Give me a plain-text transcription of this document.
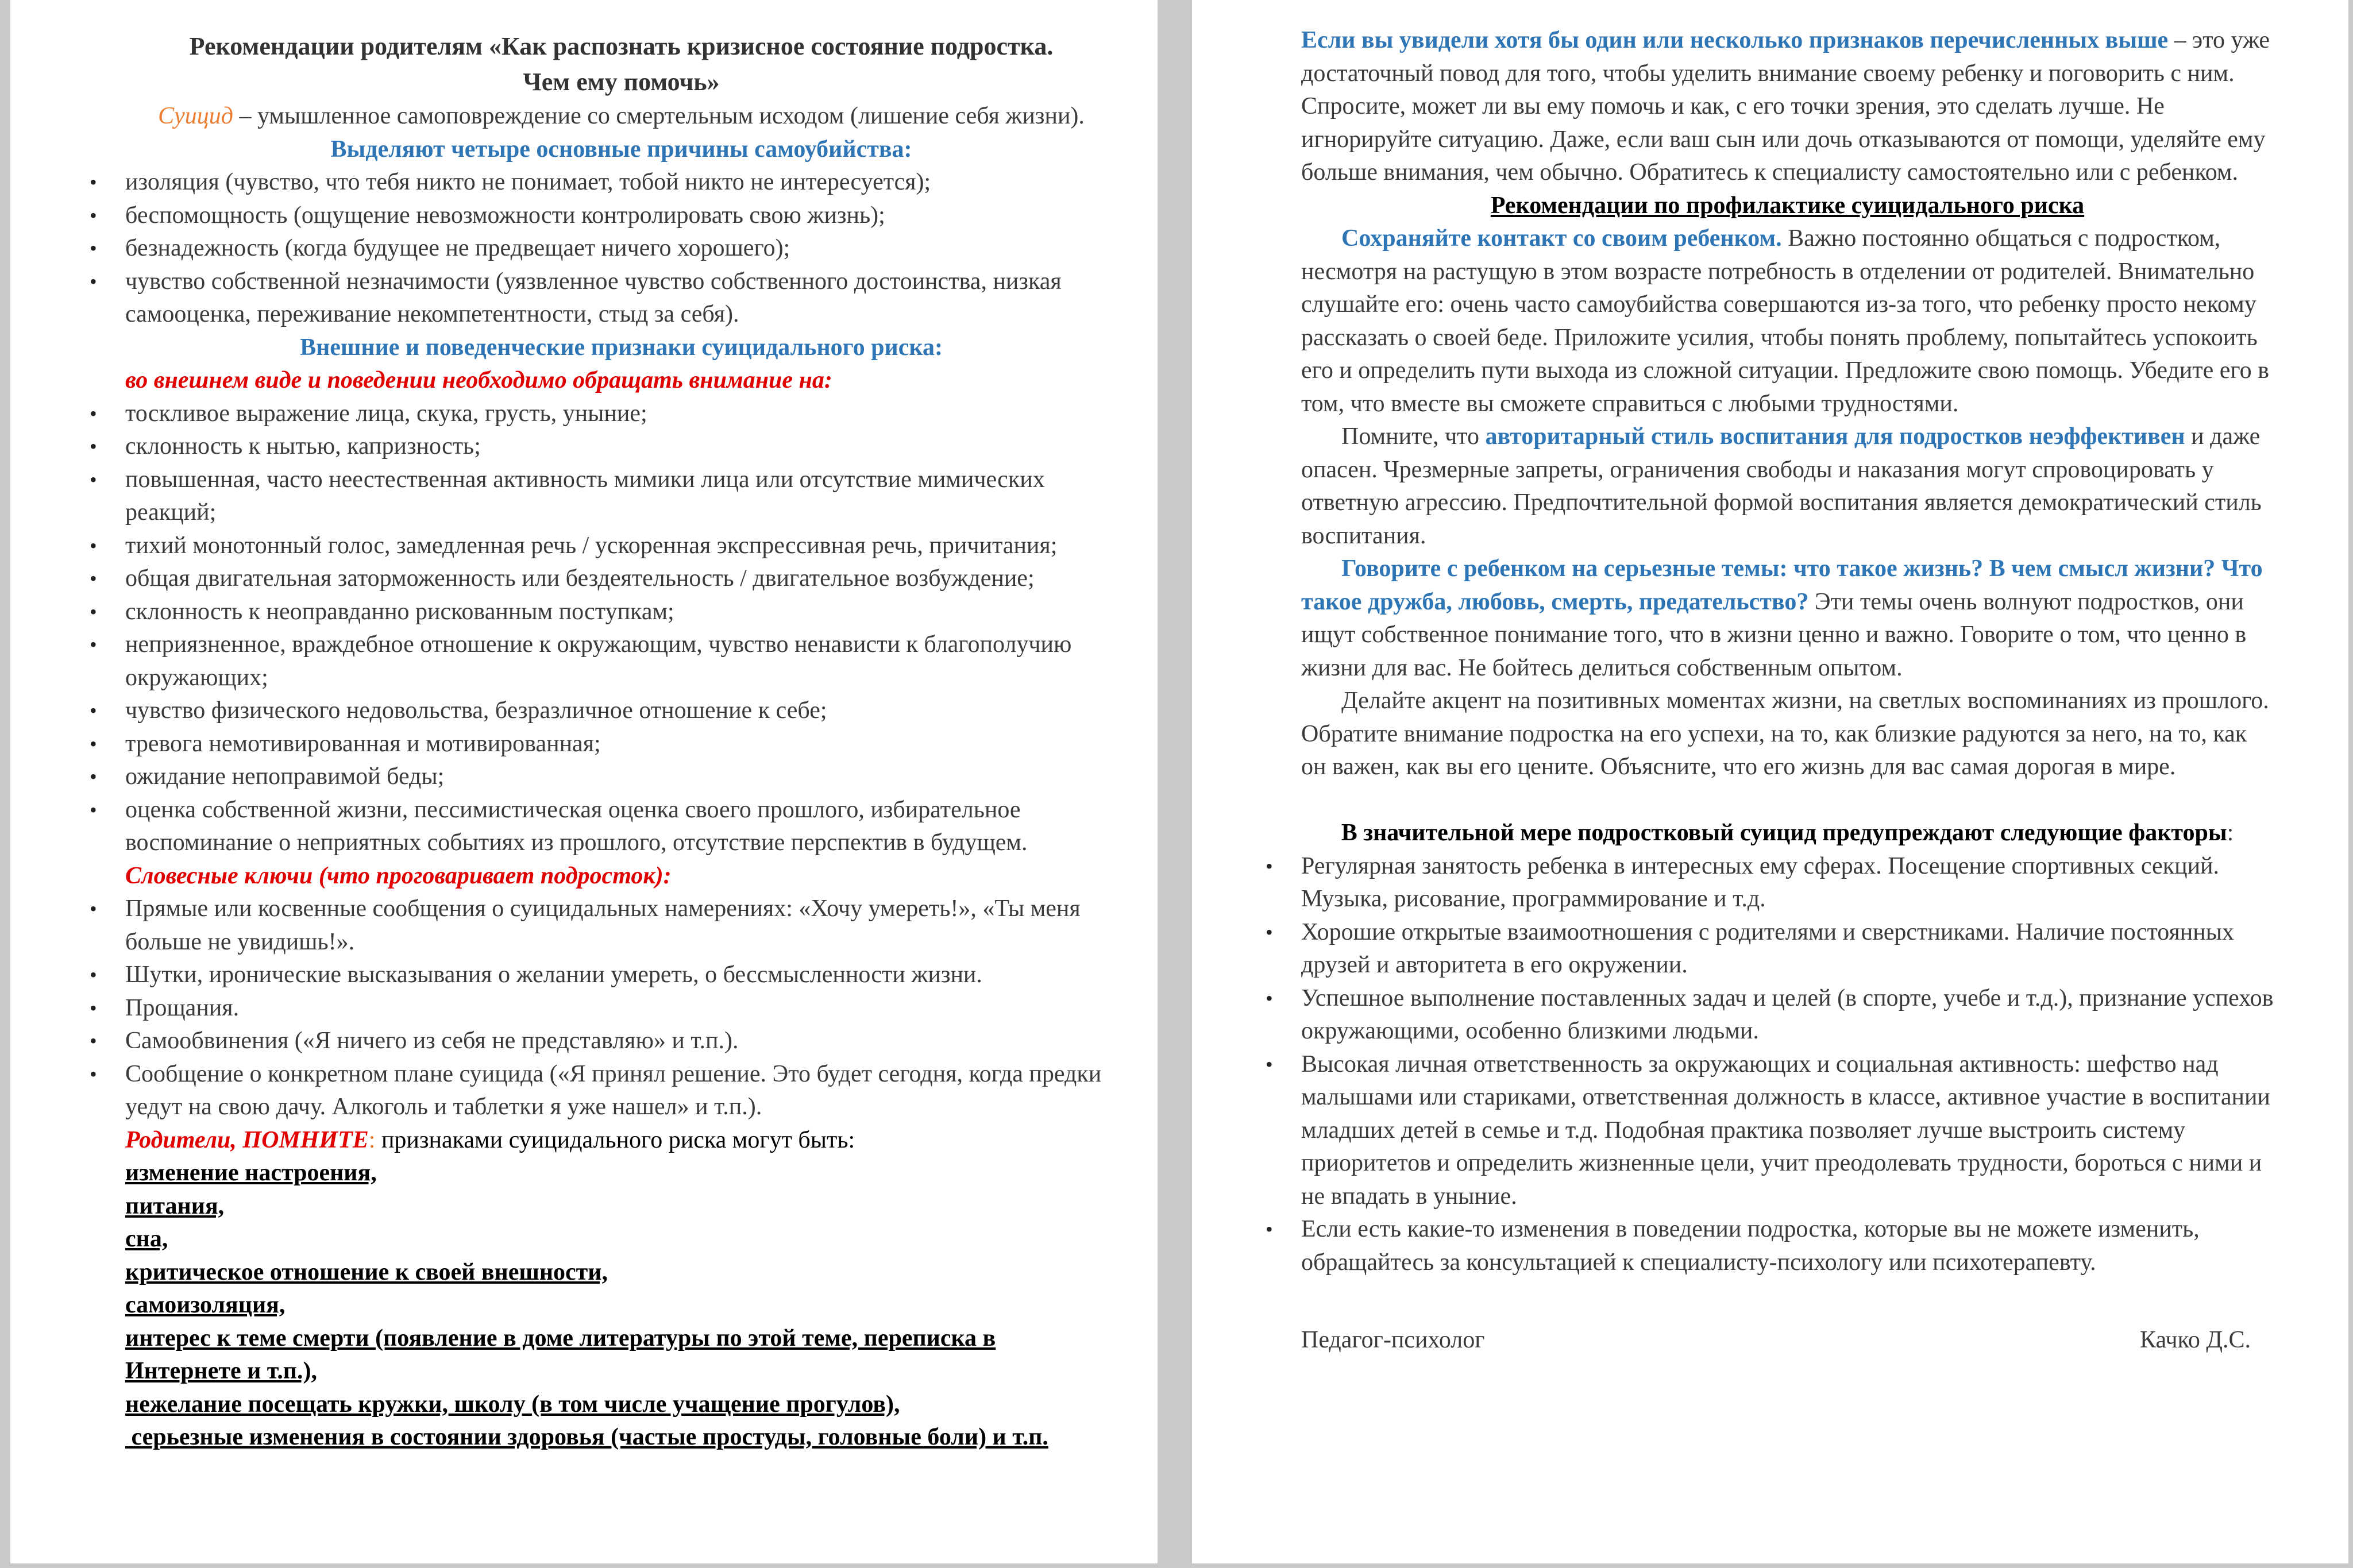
Рекомендации родителям «Как распознать кризисное состояние подростка.

Чем ему помочь»

Суицид – умышленное самоповреждение со смертельным исходом (лишение себя жизни).

Выделяют четыре основные причины самоубийства:

• изоляция (чувство, что тебя никто не понимает, тобой никто не интересуется);
• беспомощность (ощущение невозможности контролировать свою жизнь);
• безнадежность (когда будущее не предвещает ничего хорошего);
• чувство собственной незначимости (уязвленное чувство собственного достоинства, низкая самооценка, переживание некомпетентности, стыд за себя).

Внешние и поведенческие признаки суицидального риска:

во внешнем виде и поведении необходимо обращать внимание на:

• тоскливое выражение лица, скука, грусть, уныние;
• склонность к нытью, капризность;
• повышенная, часто неестественная активность мимики лица или отсутствие мимических реакций;
• тихий монотонный голос, замедленная речь / ускоренная экспрессивная речь, причитания;
• общая двигательная заторможенность или бездеятельность / двигательное возбуждение;
• склонность к неоправданно рискованным поступкам;
• неприязненное, враждебное отношение к окружающим, чувство ненависти к благополучию окружающих;
• чувство физического недовольства, безразличное отношение к себе;
• тревога немотивированная и мотивированная;
• ожидание непоправимой беды;
• оценка собственной жизни, пессимистическая оценка своего прошлого, избирательное воспоминание о неприятных событиях из прошлого, отсутствие перспектив в будущем.

Словесные ключи (что проговаривает подросток):

• Прямые или косвенные сообщения о суицидальных намерениях: «Хочу умереть!», «Ты меня больше не увидишь!».
• Шутки, иронические высказывания о желании умереть, о бессмысленности жизни.
• Прощания.
• Самообвинения («Я ничего из себя не представляю» и т.п.).
• Сообщение о конкретном плане суицида («Я принял решение. Это будет сегодня, когда предки уедут на свою дачу. Алкоголь и таблетки я уже нашел» и т.п.).

Родители, ПОМНИТЕ: признаками суицидального риска могут быть:

изменение настроения,

питания,

сна,

критическое отношение к своей внешности,

самоизоляция,

интерес к теме смерти (появление в доме литературы по этой теме, переписка в Интернете и т.п.),

нежелание посещать кружки, школу (в том числе учащение прогулов),

серьезные изменения в состоянии здоровья (частые простуды, головные боли) и т.п.

Если вы увидели хотя бы один или несколько признаков перечисленных выше – это уже достаточный повод для того, чтобы уделить внимание своему ребенку и поговорить с ним. Спросите, может ли вы ему помочь и как, с его точки зрения, это сделать лучше. Не игнорируйте ситуацию. Даже, если ваш сын или дочь отказываются от помощи, уделяйте ему больше внимания, чем обычно. Обратитесь к специалисту самостоятельно или с ребенком.

Рекомендации по профилактике суицидального риска

Сохраняйте контакт со своим ребенком. Важно постоянно общаться с подростком, несмотря на растущую в этом возрасте потребность в отделении от родителей. Внимательно слушайте его: очень часто самоубийства совершаются из-за того, что ребенку просто некому рассказать о своей беде. Приложите усилия, чтобы понять проблему, попытайтесь успокоить его и определить пути выхода из сложной ситуации. Предложите свою помощь. Убедите его в том, что вместе вы сможете справиться с любыми трудностями.

Помните, что авторитарный стиль воспитания для подростков неэффективен и даже опасен. Чрезмерные запреты, ограничения свободы и наказания могут спровоцировать у ответную агрессию. Предпочтительной формой воспитания является демократический стиль воспитания.

Говорите с ребенком на серьезные темы: что такое жизнь? В чем смысл жизни? Что такое дружба, любовь, смерть, предательство? Эти темы очень волнуют подростков, они ищут собственное понимание того, что в жизни ценно и важно. Говорите о том, что ценно в жизни для вас. Не бойтесь делиться собственным опытом.

Делайте акцент на позитивных моментах жизни, на светлых воспоминаниях из прошлого. Обратите внимание подростка на его успехи, на то, как близкие радуются за него, на то, как он важен, как вы его цените. Объясните, что его жизнь для вас самая дорогая в мире.

В значительной мере подростковый суицид предупреждают следующие факторы:

• Регулярная занятость ребенка в интересных ему сферах. Посещение спортивных секций. Музыка, рисование, программирование и т.д.
• Хорошие открытые взаимоотношения с родителями и сверстниками. Наличие постоянных друзей и авторитета в его окружении.
• Успешное выполнение поставленных задач и целей (в спорте, учебе и т.д.), признание успехов окружающими, особенно близкими людьми.
• Высокая личная ответственность за окружающих и социальная активность: шефство над малышами или стариками, ответственная должность в классе, активное участие в воспитании младших детей в семье и т.д. Подобная практика позволяет лучше выстроить систему приоритетов и определить жизненные цели, учит преодолевать трудности, бороться с ними и не впадать в уныние.
• Если есть какие-то изменения в поведении подростка, которые вы не можете изменить, обращайтесь за консультацией к специалисту-психологу или психотерапевту.

Педагог-психолог	Качко Д.С.
